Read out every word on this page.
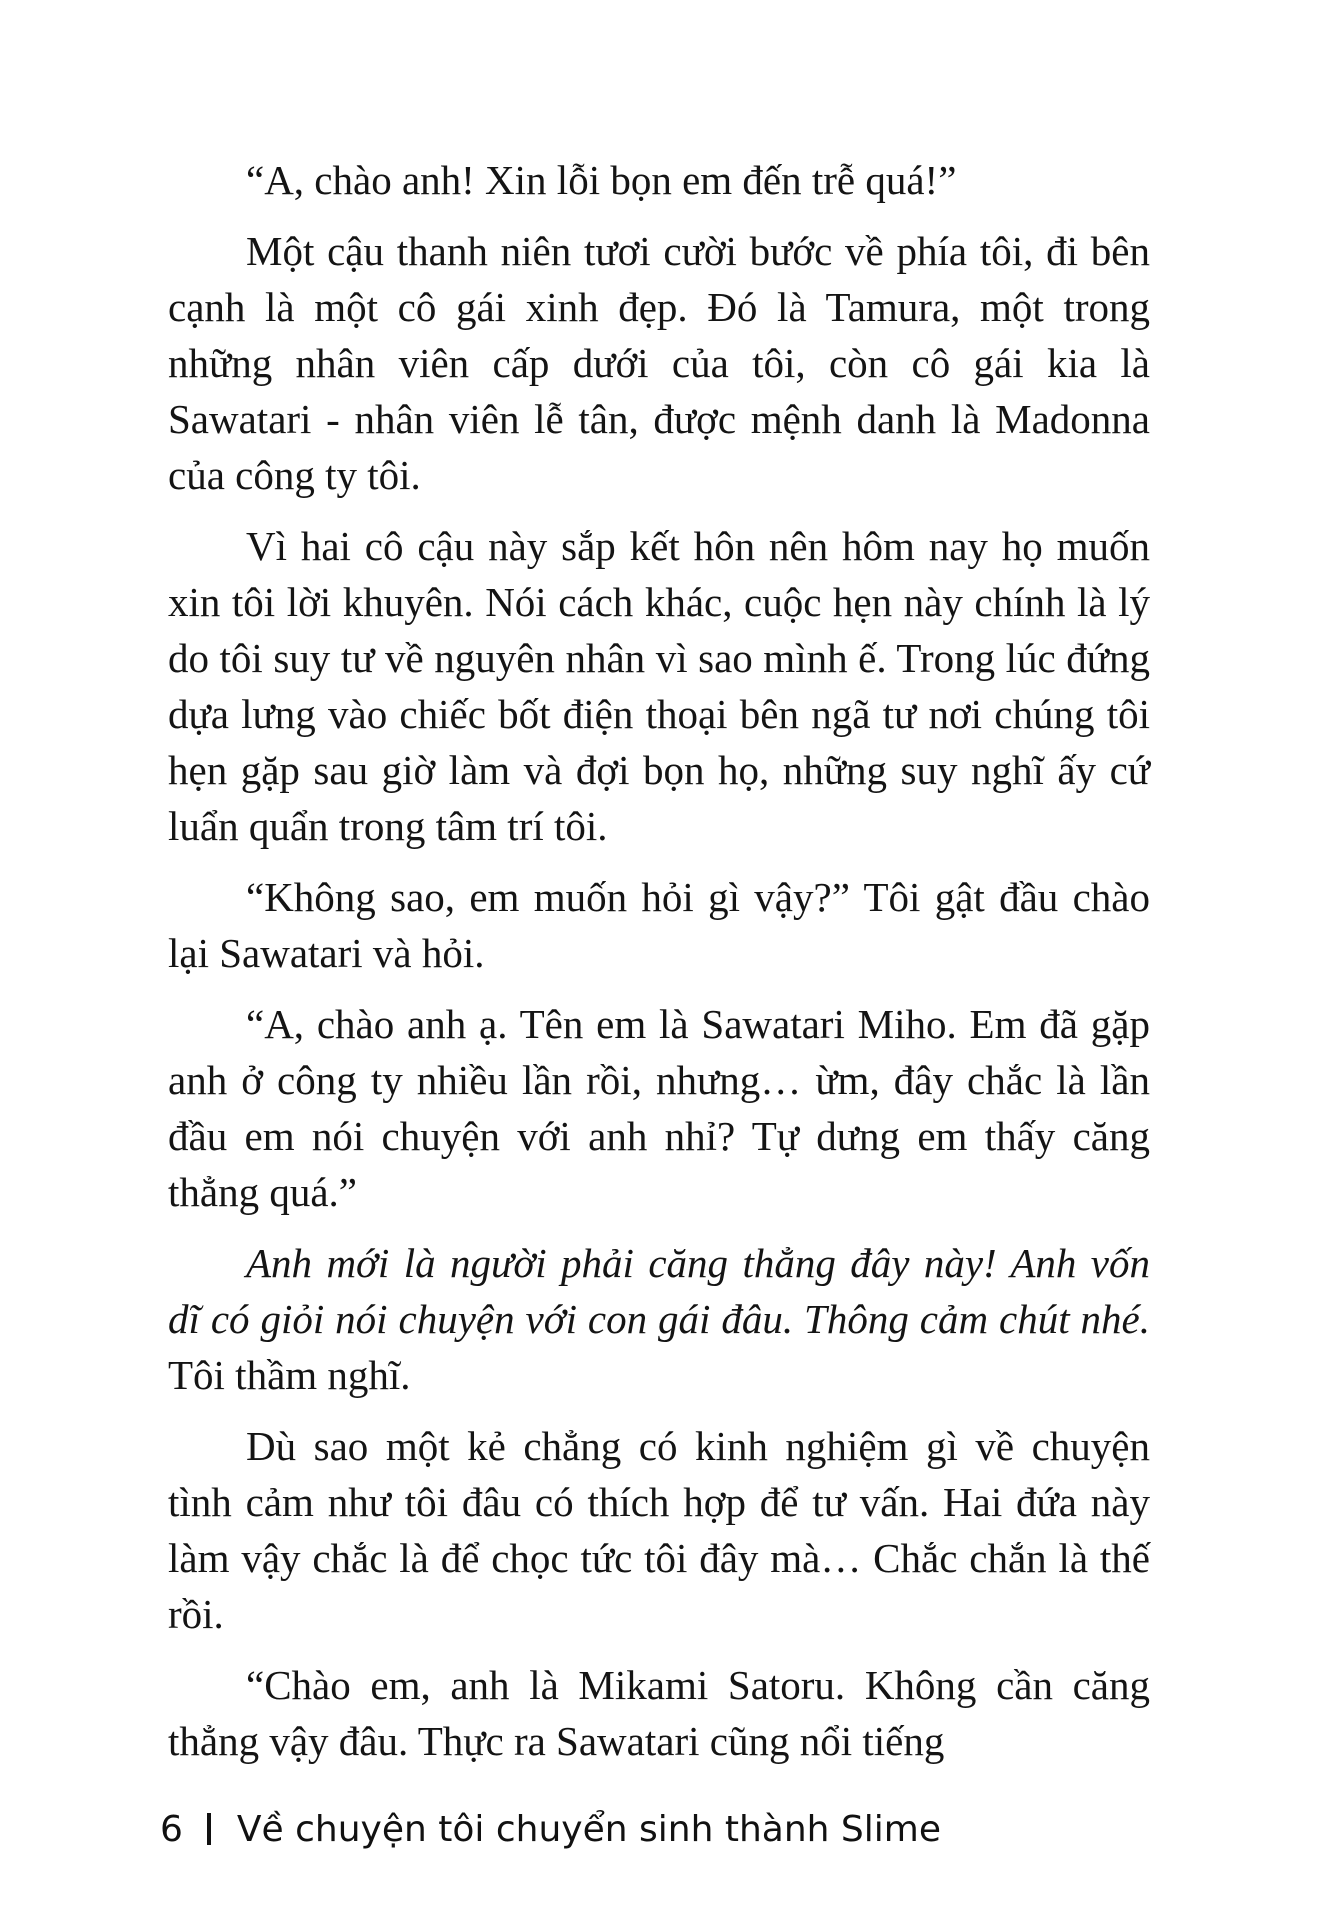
“A, chào anh! Xin lỗi bọn em đến trễ quá!”

Một cậu thanh niên tươi cười bước về phía tôi, đi bên cạnh là một cô gái xinh đẹp. Đó là Tamura, một trong những nhân viên cấp dưới của tôi, còn cô gái kia là Sawatari - nhân viên lễ tân, được mệnh danh là Madonna của công ty tôi.

Vì hai cô cậu này sắp kết hôn nên hôm nay họ muốn xin tôi lời khuyên. Nói cách khác, cuộc hẹn này chính là lý do tôi suy tư về nguyên nhân vì sao mình ế. Trong lúc đứng dựa lưng vào chiếc bốt điện thoại bên ngã tư nơi chúng tôi hẹn gặp sau giờ làm và đợi bọn họ, những suy nghĩ ấy cứ luẩn quẩn trong tâm trí tôi.

“Không sao, em muốn hỏi gì vậy?” Tôi gật đầu chào lại Sawatari và hỏi.

“A, chào anh ạ. Tên em là Sawatari Miho. Em đã gặp anh ở công ty nhiều lần rồi, nhưng… ừm, đây chắc là lần đầu em nói chuyện với anh nhỉ? Tự dưng em thấy căng thẳng quá.”

Anh mới là người phải căng thẳng đây này! Anh vốn dĩ có giỏi nói chuyện với con gái đâu. Thông cảm chút nhé. Tôi thầm nghĩ.

Dù sao một kẻ chẳng có kinh nghiệm gì về chuyện tình cảm như tôi đâu có thích hợp để tư vấn. Hai đứa này làm vậy chắc là để chọc tức tôi đây mà… Chắc chắn là thế rồi.

“Chào em, anh là Mikami Satoru. Không cần căng thẳng vậy đâu. Thực ra Sawatari cũng nổi tiếng

6 Về chuyện tôi chuyển sinh thành Slime
